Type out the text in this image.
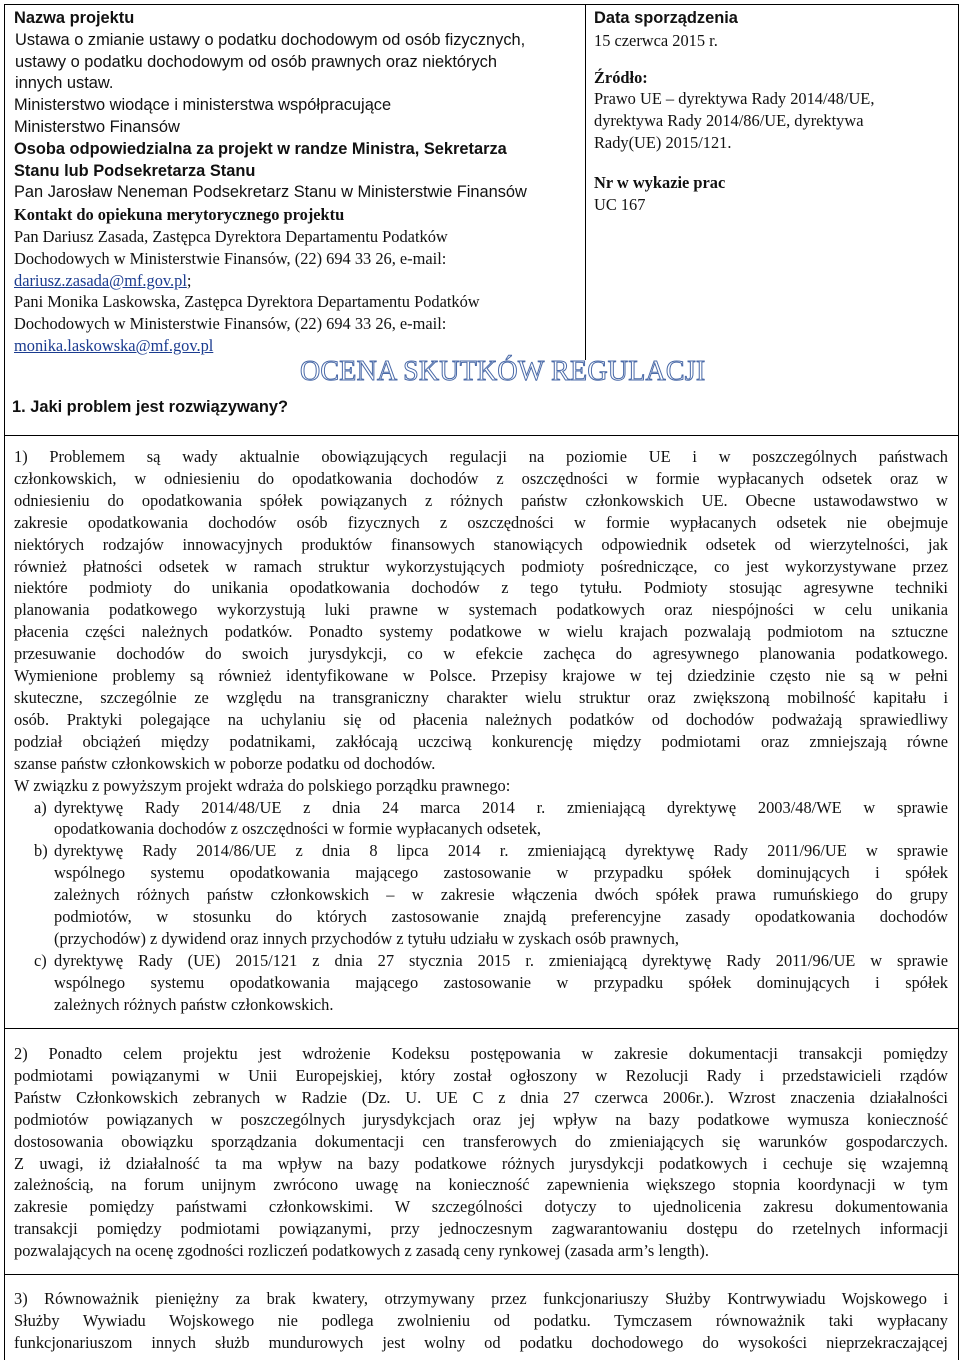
Nazwa projektu
Ustawa o zmianie ustawy o podatku dochodowym od osób fizycznych,
ustawy o podatku dochodowym od osób prawnych oraz niektórych
innych ustaw.
Ministerstwo wiodące i ministerstwa współpracujące
Ministerstwo Finansów
Osoba odpowiedzialna za projekt w randze Ministra, Sekretarza
Stanu lub Podsekretarza Stanu
Pan Jarosław Neneman Podsekretarz Stanu w Ministerstwie Finansów
Kontakt do opiekuna merytorycznego projektu
Pan Dariusz Zasada, Zastępca Dyrektora Departamentu Podatków
Dochodowych w Ministerstwie Finansów, (22) 694 33 26, e-mail:
dariusz.zasada@mf.gov.pl;
Pani Monika Laskowska, Zastępca Dyrektora Departamentu Podatków
Dochodowych w Ministerstwie Finansów, (22) 694 33 26, e-mail:
monika.laskowska@mf.gov.pl
Data sporządzenia
15 czerwca 2015 r.
Źródło:
Prawo UE – dyrektywa Rady 2014/48/UE,
dyrektywa Rady 2014/86/UE, dyrektywa
Rady(UE) 2015/121.
Nr w wykazie prac
UC 167
OCENA SKUTKÓW REGULACJI
1. Jaki problem jest rozwiązywany?
1) Problemem są wady aktualnie obowiązujących regulacji na poziomie UE i w poszczególnych państwach
członkowskich, w odniesieniu do opodatkowania dochodów z oszczędności w formie wypłacanych odsetek oraz w
odniesieniu do opodatkowania spółek powiązanych z różnych państw członkowskich UE. Obecne ustawodawstwo w
zakresie opodatkowania dochodów osób fizycznych z oszczędności w formie wypłacanych odsetek nie obejmuje
niektórych rodzajów innowacyjnych produktów finansowych stanowiących odpowiednik odsetek od wierzytelności, jak
również płatności odsetek w ramach struktur wykorzystujących podmioty pośredniczące, co jest wykorzystywane przez
niektóre podmioty do unikania opodatkowania dochodów z tego tytułu. Podmioty stosując agresywne techniki
planowania podatkowego wykorzystują luki prawne w systemach podatkowych oraz niespójności w celu unikania
płacenia części należnych podatków. Ponadto systemy podatkowe w wielu krajach pozwalają podmiotom na sztuczne
przesuwanie dochodów do swoich jurysdykcji, co w efekcie zachęca do agresywnego planowania podatkowego.
Wymienione problemy są również identyfikowane w Polsce. Przepisy krajowe w tej dziedzinie często nie są w pełni
skuteczne, szczególnie ze względu na transgraniczny charakter wielu struktur oraz zwiększoną mobilność kapitału i
osób. Praktyki polegające na uchylaniu się od płacenia należnych podatków od dochodów podważają sprawiedliwy
podział obciążeń między podatnikami, zakłócają uczciwą konkurencję między podmiotami oraz zmniejszają równe
szanse państw członkowskich w poborze podatku od dochodów.
W związku z powyższym projekt wdraża do polskiego porządku prawnego:
a) dyrektywę Rady 2014/48/UE z dnia 24 marca 2014 r. zmieniającą dyrektywę 2003/48/WE w sprawie
opodatkowania dochodów z oszczędności w formie wypłacanych odsetek,
b) dyrektywę Rady 2014/86/UE z dnia 8 lipca 2014 r. zmieniającą dyrektywę Rady 2011/96/UE w sprawie
wspólnego systemu opodatkowania mającego zastosowanie w przypadku spółek dominujących i spółek
zależnych różnych państw członkowskich – w zakresie włączenia dwóch spółek prawa rumuńskiego do grupy
podmiotów, w stosunku do których zastosowanie znajdą preferencyjne zasady opodatkowania dochodów
(przychodów) z dywidend oraz innych przychodów z tytułu udziału w zyskach osób prawnych,
c) dyrektywę Rady (UE) 2015/121 z dnia 27 stycznia 2015 r. zmieniającą dyrektywę Rady 2011/96/UE w sprawie
wspólnego systemu opodatkowania mającego zastosowanie w przypadku spółek dominujących i spółek
zależnych różnych państw członkowskich.
2) Ponadto celem projektu jest wdrożenie Kodeksu postępowania w zakresie dokumentacji transakcji pomiędzy
podmiotami powiązanymi w Unii Europejskiej, który został ogłoszony w Rezolucji Rady i przedstawicieli rządów
Państw Członkowskich zebranych w Radzie (Dz. U. UE C z dnia 27 czerwca 2006r.). Wzrost znaczenia działalności
podmiotów powiązanych w poszczególnych jurysdykcjach oraz jej wpływ na bazy podatkowe wymusza konieczność
dostosowania obowiązku sporządzania dokumentacji cen transferowych do zmieniających się warunków gospodarczych.
Z uwagi, iż działalność ta ma wpływ na bazy podatkowe różnych jurysdykcji podatkowych i cechuje się wzajemną
zależnością, na forum unijnym zwrócono uwagę na konieczność zapewnienia większego stopnia koordynacji w tym
zakresie pomiędzy państwami członkowskimi. W szczególności dotyczy to ujednolicenia zakresu dokumentowania
transakcji pomiędzy podmiotami powiązanymi, przy jednoczesnym zagwarantowaniu dostępu do rzetelnych informacji
pozwalających na ocenę zgodności rozliczeń podatkowych z zasadą ceny rynkowej (zasada arm’s length).
3) Równoważnik pieniężny za brak kwatery, otrzymywany przez funkcjonariuszy Służby Kontrwywiadu Wojskowego i
Służby Wywiadu Wojskowego nie podlega zwolnieniu od podatku. Tymczasem równoważnik taki wypłacany
funkcjonariuszom innych służb mundurowych jest wolny od podatku dochodowego do wysokości nieprzekraczającej
